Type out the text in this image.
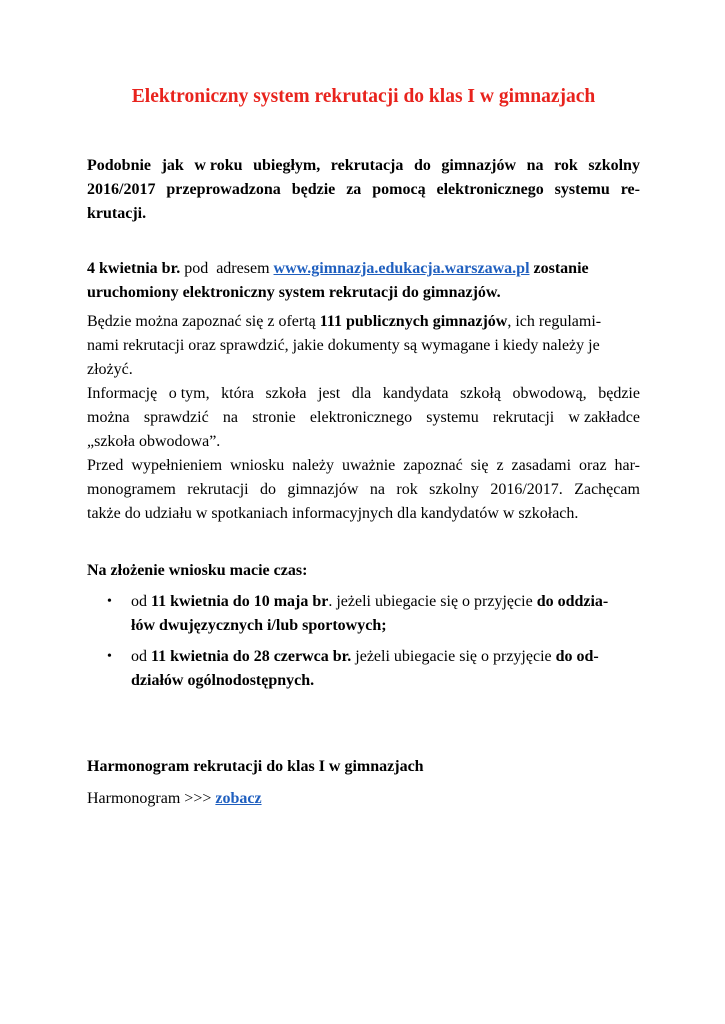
Elektroniczny system rekrutacji do klas I w gimnazjach

Podobnie jak w roku ubiegłym, rekrutacja do gimnazjów na rok szkolny
2016/2017 przeprowadzona będzie za pomocą elektronicznego systemu re-
krutacji.

4 kwietnia br. pod  adresem www.gimnazja.edukacja.warszawa.pl zostanie
uruchomiony elektroniczny system rekrutacji do gimnazjów.

Będzie można zapoznać się z ofertą 111 publicznych gimnazjów, ich regulami-
nami rekrutacji oraz sprawdzić, jakie dokumenty są wymagane i kiedy należy je
złożyć.

Informację o tym, która szkoła jest dla kandydata szkołą obwodową, będzie
można sprawdzić na stronie elektronicznego systemu rekrutacji w zakładce
„szkoła obwodowa”.

Przed wypełnieniem wniosku należy uważnie zapoznać się z zasadami oraz har-
monogramem rekrutacji do gimnazjów na rok szkolny 2016/2017. Zachęcam
także do udziału w spotkaniach informacyjnych dla kandydatów w szkołach.

Na złożenie wniosku macie czas:

• od 11 kwietnia do 10 maja br. jeżeli ubiegacie się o przyjęcie do oddzia-
łów dwujęzycznych i/lub sportowych;
• od 11 kwietnia do 28 czerwca br. jeżeli ubiegacie się o przyjęcie do od-
działów ogólnodostępnych.

Harmonogram rekrutacji do klas I w gimnazjach

Harmonogram >>> zobacz
